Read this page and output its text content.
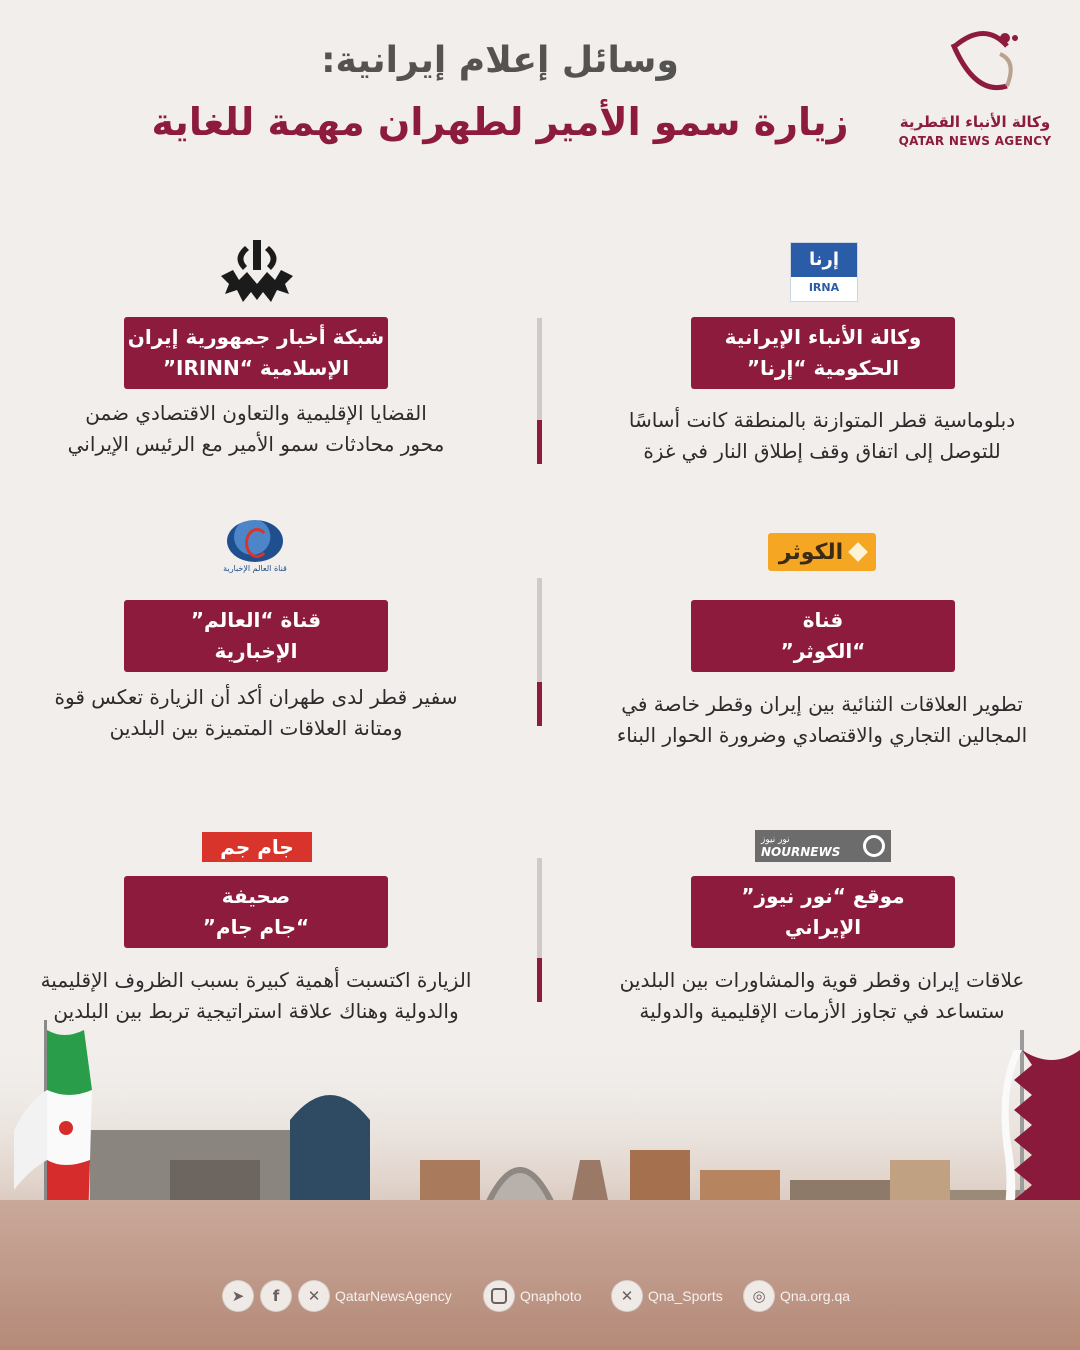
وسائل إعلام إيرانية:
زيارة سمو الأمير لطهران مهمة للغاية	وكالة الأنباء القطرية
QATAR NEWS AGENCY
إرنا
IRNA
الكوثر
قناة العالم الإخبارية
نور نيوز
NOURNEWS
جام جم
وكالة الأنباء الإيرانية
الحكومية “إرنا”
شبكة أخبار جمهورية إيران
الإسلامية “IRINN”
قناة
“الكوثر”
قناة “العالم”
الإخبارية
موقع “نور نيوز”
الإيراني
صحيفة
“جام جام”
دبلوماسية قطر المتوازنة بالمنطقة كانت أساسًا
للتوصل إلى اتفاق وقف إطلاق النار في غزة
القضايا الإقليمية والتعاون الاقتصادي ضمن
محور محادثات سمو الأمير مع الرئيس الإيراني
تطوير العلاقات الثنائية بين إيران وقطر خاصة في
المجالين التجاري والاقتصادي وضرورة الحوار البناء
سفير قطر لدى طهران أكد أن الزيارة تعكس قوة
ومتانة العلاقات المتميزة بين البلدين
علاقات إيران وقطر قوية والمشاورات بين البلدين
ستساعد في تجاوز الأزمات الإقليمية والدولية
الزيارة اكتسبت أهمية كبيرة بسبب الظروف الإقليمية
والدولية وهناك علاقة استراتيجية تربط بين البلدين
➤	f	✕	QatarNewsAgency	Qnaphoto	✕	Qna_Sports	◎	Qna.org.qa
